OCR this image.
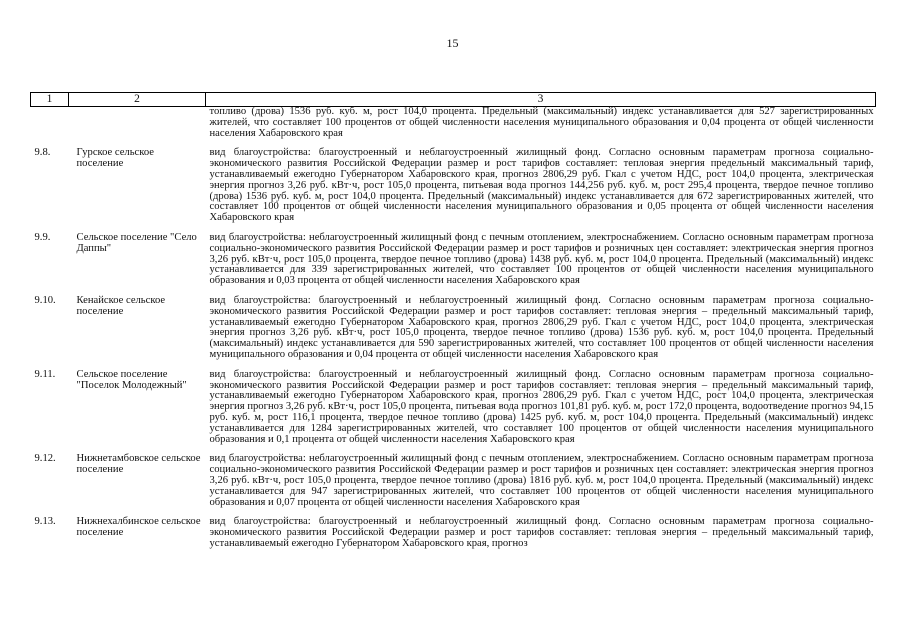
15
1	2	3
		топливо (дрова) 1536 руб. куб. м, рост 104,0 процента. Предельный (максимальный) индекс устанавливается для 527 зарегистрированных жителей, что составляет 100 процентов от общей численности населения муниципального образования и 0,04 процента от общей численности населения Хабаровского края
9.8.	Гурское сельское поселение	вид благоустройства: благоустроенный и неблагоустроенный жилищный фонд. Согласно основным параметрам прогноза социально-экономического развития Российской Федерации размер и рост тарифов составляет: тепловая энергия предельный максимальный тариф, устанавливаемый ежегодно Губернатором Хабаровского края, прогноз 2806,29 руб. Гкал с учетом НДС, рост 104,0 процента, электрическая энергия прогноз 3,26 руб. кВт·ч, рост 105,0 процента, питьевая вода прогноз 144,256 руб. куб. м, рост 295,4 процента, твердое печное топливо (дрова) 1536 руб. куб. м, рост 104,0 процента. Предельный (максимальный) индекс устанавливается для 672 зарегистрированных жителей, что составляет 100 процентов от общей численности населения муниципального образования и 0,05 процента от общей численности населения Хабаровского края
9.9.	Сельское поселение "Село Даппы"	вид благоустройства: неблагоустроенный жилищный фонд с печным отоплением, электроснабжением. Согласно основным параметрам прогноза социально-экономического развития Российской Федерации размер и рост тарифов и розничных цен составляет: электрическая энергия прогноз 3,26 руб. кВт·ч, рост 105,0 процента, твердое печное топливо (дрова) 1438 руб. куб. м, рост 104,0 процента. Предельный (максимальный) индекс устанавливается для 339 зарегистрированных жителей, что составляет 100 процентов от общей численности населения муниципального образования и 0,03 процента от общей численности населения Хабаровского края
9.10.	Кенайское сельское поселение	вид благоустройства: благоустроенный и неблагоустроенный жилищный фонд. Согласно основным параметрам прогноза социально-экономического развития Российской Федерации размер и рост тарифов составляет: тепловая энергия – предельный максимальный тариф, устанавливаемый ежегодно Губернатором Хабаровского края, прогноз 2806,29 руб. Гкал с учетом НДС, рост 104,0 процента, электрическая энергия прогноз 3,26 руб. кВт·ч, рост 105,0 процента, твердое печное топливо (дрова) 1536 руб. куб. м, рост 104,0 процента. Предельный (максимальный) индекс устанавливается для 590 зарегистрированных жителей, что составляет 100 процентов от общей численности населения муниципального образования и 0,04 процента от общей численности населения Хабаровского края
9.11.	Сельское поселение "Поселок Молодежный"	вид благоустройства: благоустроенный и неблагоустроенный жилищный фонд. Согласно основным параметрам прогноза социально-экономического развития Российской Федерации размер и рост тарифов составляет: тепловая энергия – предельный максимальный тариф, устанавливаемый ежегодно Губернатором Хабаровского края, прогноз 2806,29 руб. Гкал с учетом НДС, рост 104,0 процента, электрическая энергия прогноз 3,26 руб. кВт·ч, рост 105,0 процента, питьевая вода прогноз 101,81 руб. куб. м, рост 172,0 процента, водоотведение прогноз 94,15 руб. куб. м, рост 116,1 процента, твердое печное топливо (дрова) 1425 руб. куб. м, рост 104,0 процента. Предельный (максимальный) индекс устанавливается для 1284 зарегистрированных жителей, что составляет 100 процентов от общей численности населения муниципального образования и 0,1 процента от общей численности населения Хабаровского края
9.12.	Нижнетамбовское сельское поселение	вид благоустройства: неблагоустроенный жилищный фонд с печным отоплением, электроснабжением. Согласно основным параметрам прогноза социально-экономического развития Российской Федерации размер и рост тарифов и розничных цен составляет: электрическая энергия прогноз 3,26 руб. кВт·ч, рост 105,0 процента, твердое печное топливо (дрова) 1816 руб. куб. м, рост 104,0 процента. Предельный (максимальный) индекс устанавливается для 947 зарегистрированных жителей, что составляет 100 процентов от общей численности населения муниципального образования и 0,07 процента от общей численности населения Хабаровского края
9.13.	Нижнехалбинское сельское поселение	вид благоустройства: благоустроенный и неблагоустроенный жилищный фонд. Согласно основным параметрам прогноза социально-экономического развития Российской Федерации размер и рост тарифов составляет: тепловая энергия – предельный максимальный тариф, устанавливаемый ежегодно Губернатором Хабаровского края, прогноз
